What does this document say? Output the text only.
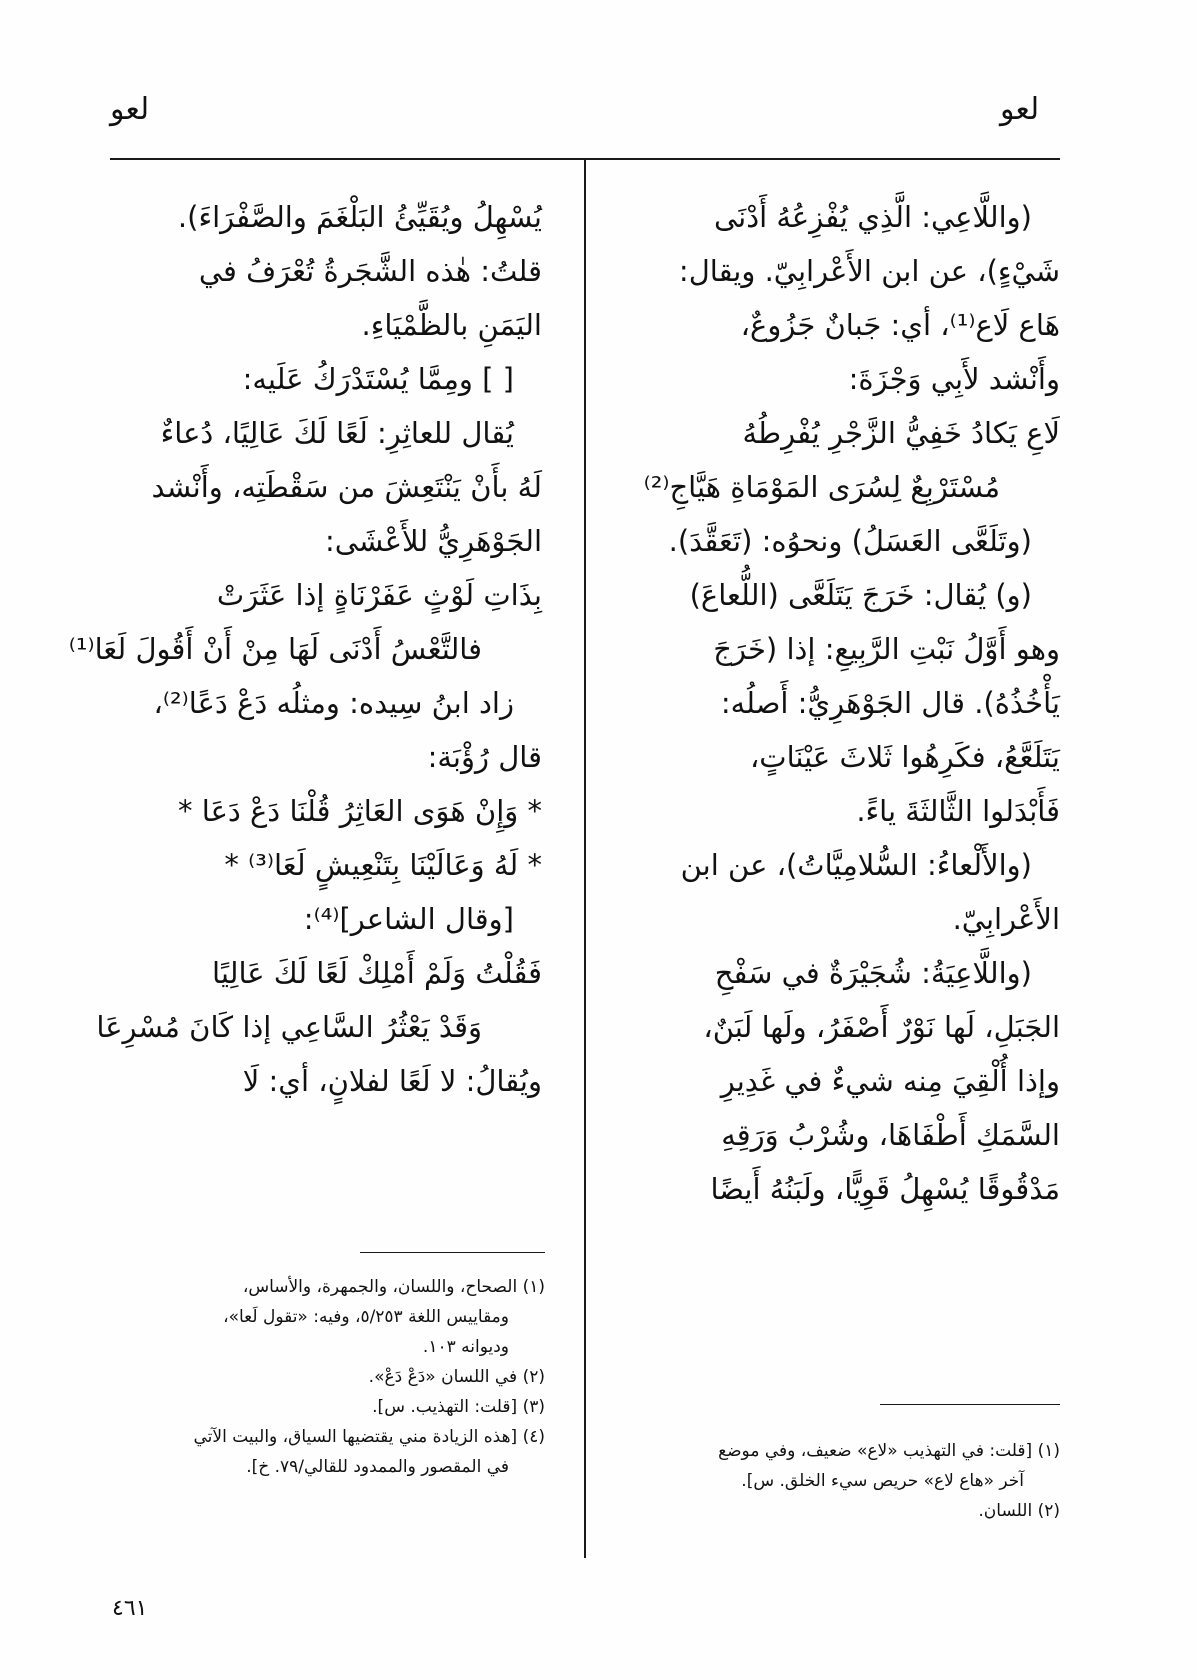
لعو	لعو
(واللَّاعِي: الَّذِي يُفْزِعُهُ أَدْنَى
شَيْءٍ)، عن ابن الأَعْرابِيّ. ويقال:
هَاع لَاع⁽¹⁾، أي: جَبانٌ جَزُوعٌ،
وأَنْشد لأَبِي وَجْزَةَ:
لَاعِ يَكادُ خَفِيُّ الزَّجْرِ يُفْرِطُهُ
مُسْتَرْبِعٌ لِسُرَى المَوْمَاةِ هَيَّاجِ⁽²⁾
(وتَلَعَّى العَسَلُ) ونحوُه: (تَعَقَّدَ).
(و) يُقال: خَرَجَ يَتَلَعَّى (اللُّعاعَ)
وهو أَوَّلُ نَبْتِ الرَّبِيعِ: إذا (خَرَجَ
يَأْخُذُهُ). قال الجَوْهَرِيُّ: أَصلُه:
يَتَلَعَّعُ، فكَرِهُوا ثَلاثَ عَيْنَاتٍ،
فَأَبْدَلوا الثَّالثَةَ ياءً.
(والأَلْعاءُ: السُّلامِيَّاتُ)، عن ابن
الأَعْرابِيّ.
(واللَّاعِيَةُ: شُجَيْرَةٌ في سَفْحِ
الجَبَلِ، لَها نَوْرٌ أَصْفَرُ، ولَها لَبَنٌ،
وإذا أُلْقِيَ مِنه شيءٌ في غَدِيرِ
السَّمَكِ أَطْفَاهَا، وشُرْبُ وَرَقِهِ
مَدْقُوقًا يُسْهِلُ قَوِيًّا، ولَبَنُهُ أَيضًا
يُسْهِلُ ويُقَيِّئُ البَلْغَمَ والصَّفْرَاءَ).
قلتُ: هٰذه الشَّجَرةُ تُعْرَفُ في
اليَمَنِ بالظَّمْيَاءِ.
[ ] ومِمَّا يُسْتَدْرَكُ عَلَيه:
يُقال للعاثِرِ: لَعًا لَكَ عَالِيًا، دُعاءٌ
لَهُ بأَنْ يَنْتَعِشَ من سَقْطَتِه، وأَنْشد
الجَوْهَرِيُّ للأَعْشَى:
بِذَاتِ لَوْثٍ عَفَرْنَاةٍ إذا عَثَرَتْ
فالتَّعْسُ أَدْنَى لَهَا مِنْ أَنْ أَقُولَ لَعَا⁽¹⁾
زاد ابنُ سِيده: ومثلُه دَعْ دَعًا⁽²⁾،
قال رُؤْبَة:
* وَإِنْ هَوَى العَاثِرُ قُلْنَا دَعْ دَعَا *
* لَهُ وَعَالَيْنَا بِتَنْعِيشٍ لَعَا⁽³⁾ *
[وقال الشاعر]⁽⁴⁾:
فَقُلْتُ وَلَمْ أَمْلِكْ لَعًا لَكَ عَالِيًا
وَقَدْ يَعْثُرُ السَّاعِي إذا كَانَ مُسْرِعَا
ويُقالُ: لا لَعًا لفلانٍ، أي: لَا
(١) الصحاح، واللسان، والجمهرة، والأساس،
ومقاييس اللغة ٥/٢٥٣، وفيه: «تقول لَعا»،
وديوانه ١٠٣.
(٢) في اللسان «دَعْ دَعْ».
(٣) [قلت: التهذيب. س].
(٤) [هذه الزيادة مني يقتضيها السياق، والبيت الآتي
في المقصور والممدود للقالي/٧٩. خ].
(١) [قلت: في التهذيب «لاع» ضعيف، وفي موضع
آخر «هاع لاع» حريص سيء الخلق. س].
(٢) اللسان.
٤٦١
